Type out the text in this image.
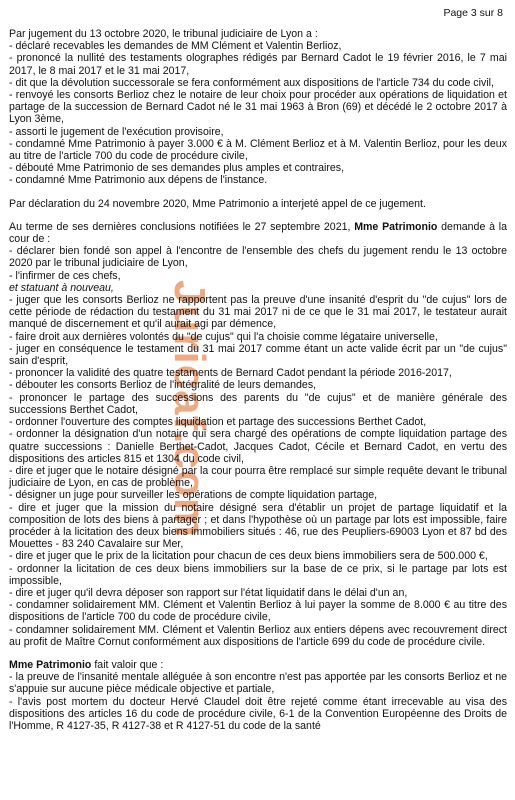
Page 3 sur 8
Juricaf.com

Par jugement du 13 octobre 2020, le tribunal judiciaire de Lyon a :

- déclaré recevables les demandes de MM Clément et Valentin Berlioz,

- prononcé la nullité des testaments olographes rédigés par Bernard Cadot le 19 février 2016, le 7 mai 2017, le 8 mai 2017 et le 31 mai 2017,

- dit que la dévolution successorale se fera conformément aux dispositions de l'article 734 du code civil,

- renvoyé les consorts Berlioz chez le notaire de leur choix pour procéder aux opérations de liquidation et partage de la succession de Bernard Cadot né le 31 mai 1963 à Bron (69) et décédé le 2 octobre 2017 à Lyon 3ème,

- assorti le jugement de l'exécution provisoire,

- condamné Mme Patrimonio à payer 3.000 € à M. Clément Berlioz et à M. Valentin Berlioz, pour les deux au titre de l'article 700 du code de procédure civile,

- débouté Mme Patrimonio de ses demandes plus amples et contraires,

- condamné Mme Patrimonio aux dépens de l'instance.

Par déclaration du 24 novembre 2020, Mme Patrimonio a interjeté appel de ce jugement.

Au terme de ses dernières conclusions notifiées le 27 septembre 2021, Mme Patrimonio demande à la cour de :

- déclarer bien fondé son appel à l'encontre de l'ensemble des chefs du jugement rendu le 13 octobre 2020 par le tribunal judiciaire de Lyon,

- l'infirmer de ces chefs,

et statuant à nouveau,

- juger que les consorts Berlioz ne rapportent pas la preuve d'une insanité d'esprit du "de cujus" lors de cette période de rédaction du testament du 31 mai 2017 ni de ce que le 31 mai 2017, le testateur aurait manqué de discernement et qu'il aurait agi par démence,

- faire droit aux dernières volontés du "de cujus" qui l'a choisie comme légataire universelle,

- juger en conséquence le testament du 31 mai 2017 comme étant un acte valide écrit par un "de cujus" sain d'esprit,

- prononcer la validité des quatre testaments de Bernard Cadot pendant la période 2016-2017,

- débouter les consorts Berlioz de l'intégralité de leurs demandes,

- prononcer le partage des successions des parents du "de cujus" et de manière générale des successions Berthet Cadot,

- ordonner l'ouverture des comptes liquidation et partage des successions Berthet Cadot,

- ordonner la désignation d'un notaire qui sera chargé des opérations de compte liquidation partage des quatre successions : Danielle Berthet-Cadot, Jacques Cadot, Cécile et Bernard Cadot, en vertu des dispositions des articles 815 et 1304 du code civil,

- dire et juger que le notaire désigné par la cour pourra être remplacé sur simple requête devant le tribunal judiciaire de Lyon, en cas de problème,

- désigner un juge pour surveiller les opérations de compte liquidation partage,

- dire et juger que la mission du notaire désigné sera d'établir un projet de partage liquidatif et la composition de lots des biens à partager ; et dans l'hypothèse où un partage par lots est impossible, faire procéder à la licitation des deux biens immobiliers situés : 46, rue des Peupliers-69003 Lyon et 87 bd des Mouettes - 83 240 Cavalaire sur Mer,

- dire et juger que le prix de la licitation pour chacun de ces deux biens immobiliers sera de 500.000 €,

- ordonner la licitation de ces deux biens immobiliers sur la base de ce prix, si le partage par lots est impossible,

- dire et juger qu'il devra déposer son rapport sur l'état liquidatif dans le délai d'un an,

- condamner solidairement MM. Clément et Valentin Berlioz à lui payer la somme de 8.000 € au titre des dispositions de l'article 700 du code de procédure civile,

- condamner solidairement MM. Clément et Valentin Berlioz aux entiers dépens avec recouvrement direct au profit de Maître Cornut conformément aux dispositions de l'article 699 du code de procédure civile.

Mme Patrimonio fait valoir que :

- la preuve de l'insanité mentale alléguée à son encontre n'est pas apportée par les consorts Berlioz et ne s'appuie sur aucune pièce médicale objective et partiale,

- l'avis post mortem du docteur Hervé Claudel doit être rejeté comme étant irrecevable au visa des dispositions des articles 16 du code de procédure civile, 6-1 de la Convention Européenne des Droits de l'Homme, R 4127-35, R 4127-38 et R 4127-51 du code de la santé
